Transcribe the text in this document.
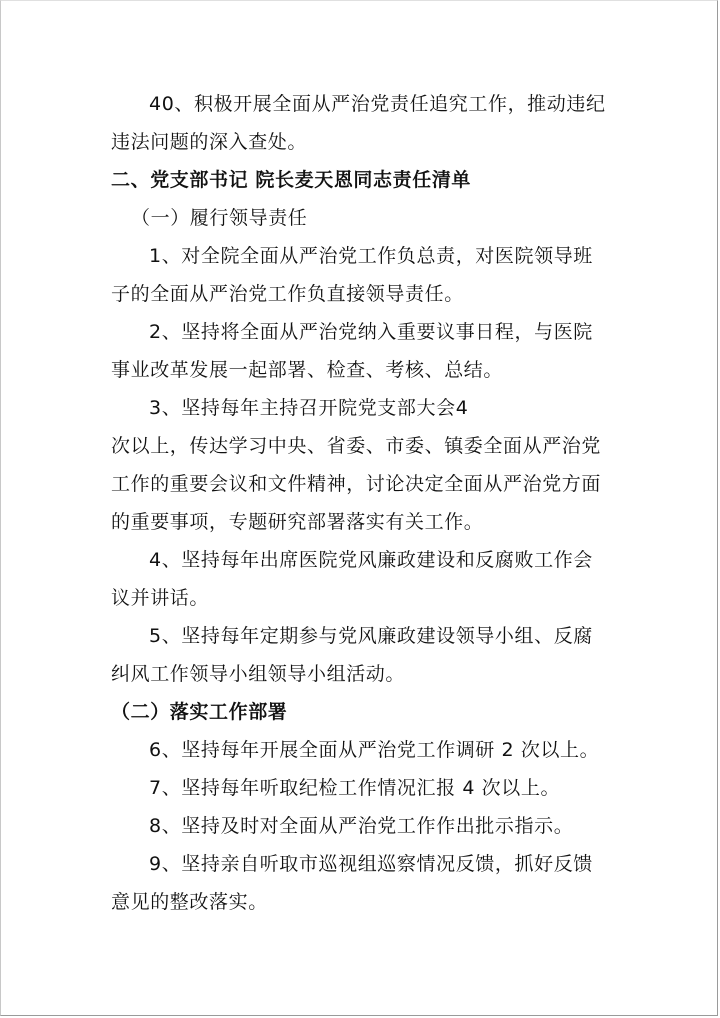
40、积极开展全面从严治党责任追究工作，推动违纪违法问题的深入查处。

二、党支部书记 院长麦天恩同志责任清单

（一）履行领导责任

1、对全院全面从严治党工作负总责，对医院领导班子的全面从严治党工作负直接领导责任。

2、坚持将全面从严治党纳入重要议事日程，与医院事业改革发展一起部署、检查、考核、总结。

3、坚持每年主持召开院党支部大会4

次以上，传达学习中央、省委、市委、镇委全面从严治党工作的重要会议和文件精神，讨论决定全面从严治党方面的重要事项，专题研究部署落实有关工作。

4、坚持每年出席医院党风廉政建设和反腐败工作会议并讲话。

5、坚持每年定期参与党风廉政建设领导小组、反腐纠风工作领导小组领导小组活动。

（二）落实工作部署

6、坚持每年开展全面从严治党工作调研 2 次以上。

7、坚持每年听取纪检工作情况汇报 4 次以上。

8、坚持及时对全面从严治党工作作出批示指示。

9、坚持亲自听取市巡视组巡察情况反馈，抓好反馈意见的整改落实。
